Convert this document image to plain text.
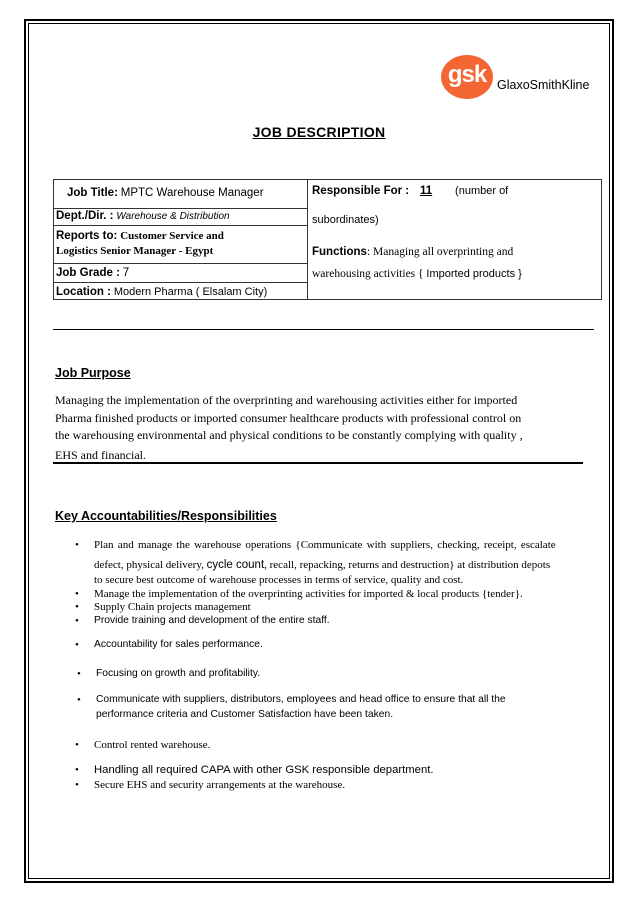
gsk GlaxoSmithKline
JOB DESCRIPTION
Job Title: MPTC Warehouse Manager
Dept./Dir. : Warehouse & Distribution
Reports to: Customer Service and
Logistics Senior Manager - Egypt
Job Grade : 7
Location : Modern Pharma ( Elsalam City)
Responsible For : 11 (number of
subordinates)
Functions: Managing all overprinting and
warehousing activities { Imported products }
Job Purpose
Managing the implementation of the overprinting and warehousing activities either for imported
Pharma finished products or imported consumer healthcare products with professional control on
the warehousing environmental and physical conditions to be constantly complying with quality ,
EHS and financial.
Key Accountabilities/Responsibilities
• Plan and manage the warehouse operations {Communicate with suppliers, checking, receipt, escalate
defect, physical delivery, cycle count, recall, repacking, returns and destruction} at distribution depots
to secure best outcome of warehouse processes in terms of service, quality and cost.
• Manage the implementation of the overprinting activities for imported & local products {tender}.
• Supply Chain projects management
• Provide training and development of the entire staff.
• Accountability for sales performance.
• Focusing on growth and profitability.
• Communicate with suppliers, distributors, employees and head office to ensure that all the
performance criteria and Customer Satisfaction have been taken.
• Control rented warehouse.
• Handling all required CAPA with other GSK responsible department.
• Secure EHS and security arrangements at the warehouse.
